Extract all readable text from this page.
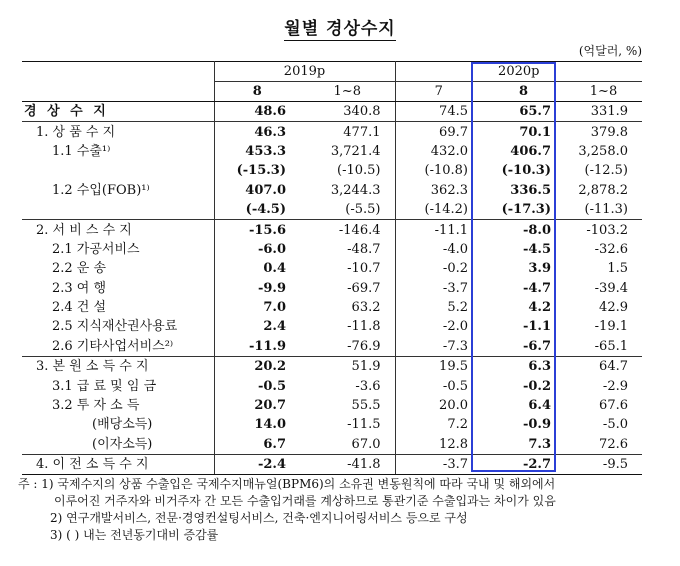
월별 경상수지
(억달러, %)
	2019p		2020p		
	8	1~8	7	8	1~8
경 상 수 지	48.6	340.8	74.5	65.7	331.9
1. 상 품 수 지	46.3	477.1	69.7	70.1	379.8
1.1 수출¹⁾	453.3	3,721.4	432.0	406.7	3,258.0
	(-15.3)	(-10.5)	(-10.8)	(-10.3)	(-12.5)
1.2 수입(FOB)¹⁾	407.0	3,244.3	362.3	336.5	2,878.2
	(-4.5)	(-5.5)	(-14.2)	(-17.3)	(-11.3)
2. 서 비 스 수 지	-15.6	-146.4	-11.1	-8.0	-103.2
2.1 가공서비스	-6.0	-48.7	-4.0	-4.5	-32.6
2.2 운 송	0.4	-10.7	-0.2	3.9	1.5
2.3 여 행	-9.9	-69.7	-3.7	-4.7	-39.4
2.4 건 설	7.0	63.2	5.2	4.2	42.9
2.5 지식재산권사용료	2.4	-11.8	-2.0	-1.1	-19.1
2.6 기타사업서비스²⁾	-11.9	-76.9	-7.3	-6.7	-65.1
3. 본 원 소 득 수 지	20.2	51.9	19.5	6.3	64.7
3.1 급 료 및 임 금	-0.5	-3.6	-0.5	-0.2	-2.9
3.2 투 자 소 득	20.7	55.5	20.0	6.4	67.6
(배당소득)	14.0	-11.5	7.2	-0.9	-5.0
(이자소득)	6.7	67.0	12.8	7.3	72.6
4. 이 전 소 득 수 지	-2.4	-41.8	-3.7	-2.7	-9.5
주 : 1) 국제수지의 상품 수출입은 국제수지매뉴얼(BPM6)의 소유권 변동원칙에 따라 국내 및 해외에서
이루어진 거주자와 비거주자 간 모든 수출입거래를 계상하므로 통관기준 수출입과는 차이가 있음
2) 연구개발서비스, 전문·경영컨설팅서비스, 건축·엔지니어링서비스 등으로 구성
3) ( ) 내는 전년동기대비 증감률
